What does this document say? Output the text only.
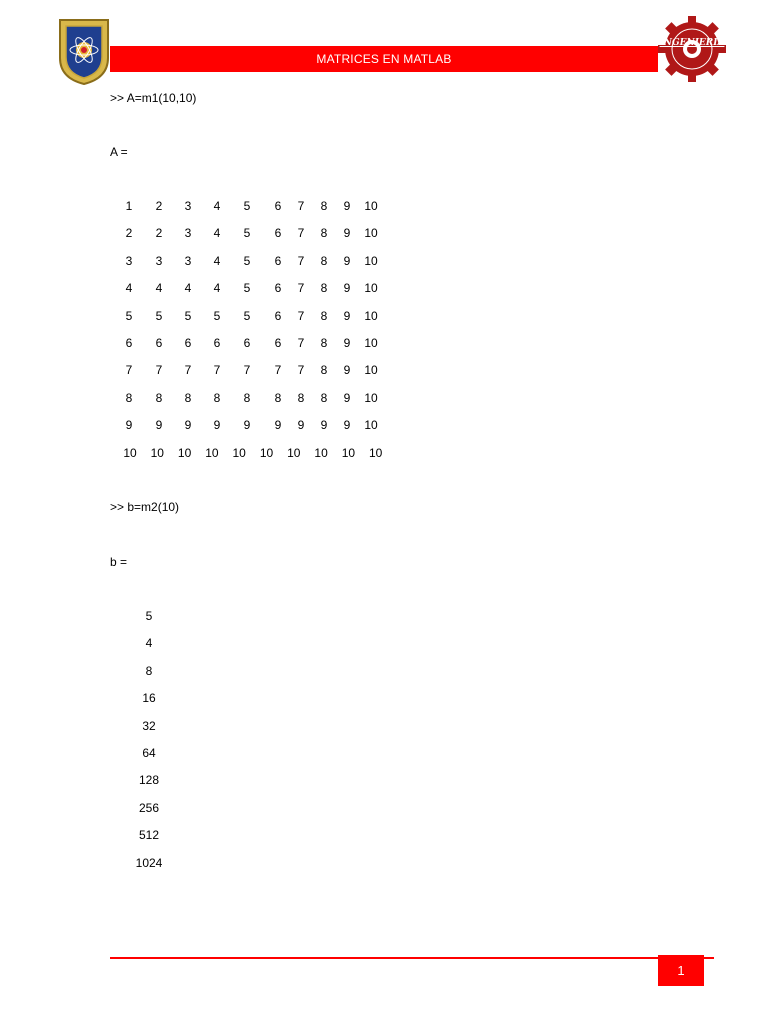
MATRICES EN MATLAB
INGENIERIA
>> A=m1(10,10)
A =
1	2	3	4	5	6	7	8	9	10
2	2	3	4	5	6	7	8	9	10
3	3	3	4	5	6	7	8	9	10
4	4	4	4	5	6	7	8	9	10
5	5	5	5	5	6	7	8	9	10
6	6	6	6	6	6	7	8	9	10
7	7	7	7	7	7	7	8	9	10
8	8	8	8	8	8	8	8	9	10
9	9	9	9	9	9	9	9	9	10
10	10	10	10	10	10	10	10	10	10
>> b=m2(10)
b =
5
4
8
16
32
64
128
256
512
1024
1
